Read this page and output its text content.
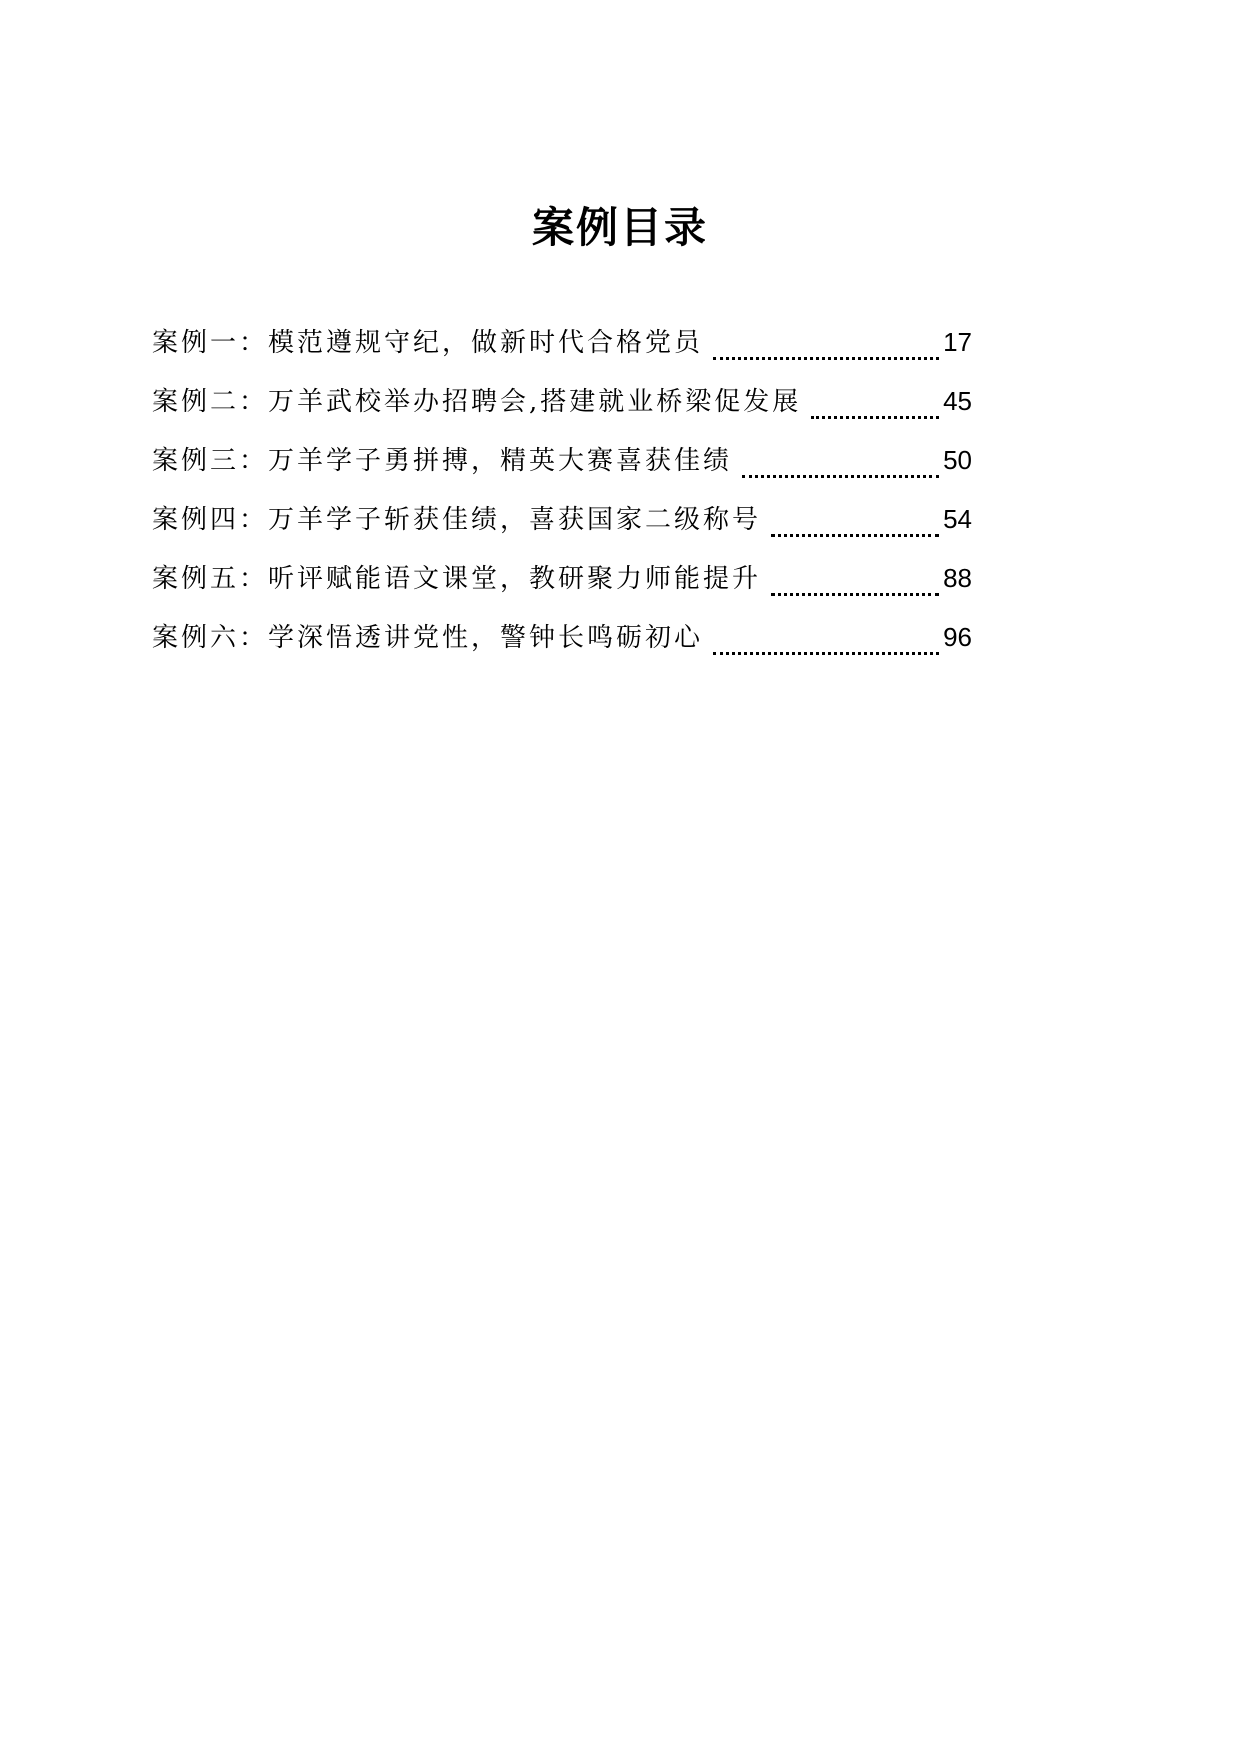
案例目录
案例一：模范遵规守纪，做新时代合格党员	17
案例二：万羊武校举办招聘会,搭建就业桥梁促发展	45
案例三：万羊学子勇拼搏，精英大赛喜获佳绩	50
案例四：万羊学子斩获佳绩，喜获国家二级称号	54
案例五：听评赋能语文课堂，教研聚力师能提升	88
案例六：学深悟透讲党性，警钟长鸣砺初心	96
